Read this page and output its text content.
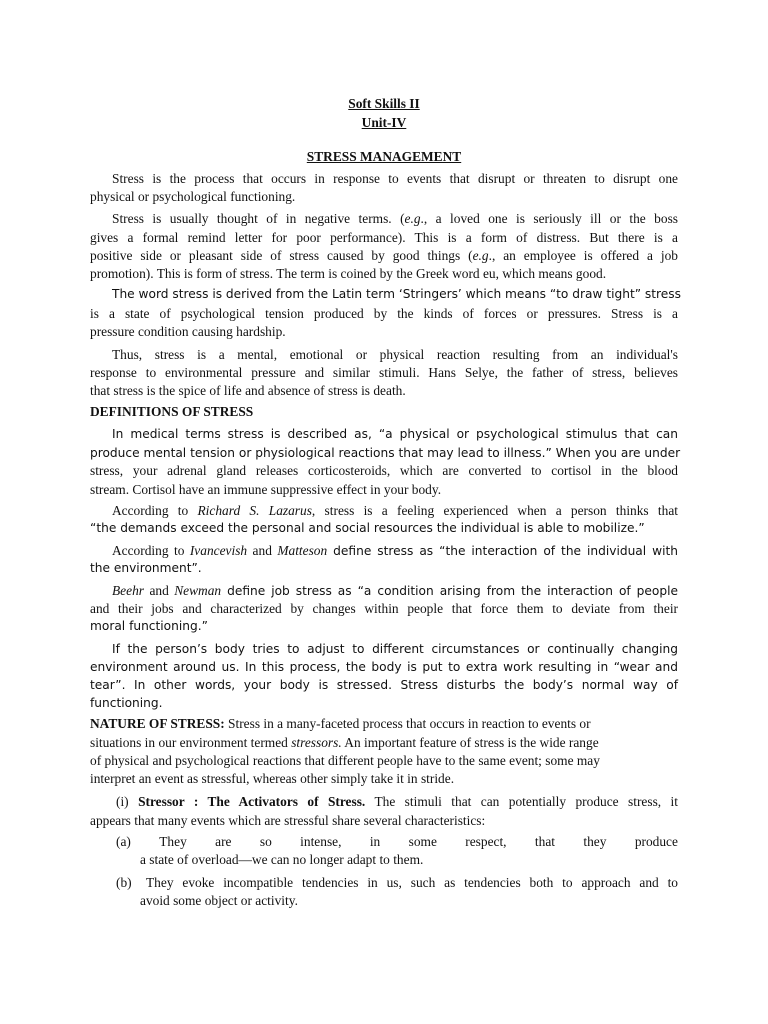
Soft Skills II
Unit-IV
STRESS MANAGEMENT
Stress is the process that occurs in response to events that disrupt or threaten to disrupt one
physical or psychological functioning.
Stress is usually thought of in negative terms. (e.g., a loved one is seriously ill or the boss
gives a formal remind letter for poor performance). This is a form of distress. But there is a
positive side or pleasant side of stress caused by good things (e.g., an employee is offered a job
promotion). This is form of stress. The term is coined by the Greek word eu, which means good.
The word stress is derived from the Latin term ‘Stringers’ which means “to draw tight” stress
is a state of psychological tension produced by the kinds of forces or pressures. Stress is a
pressure condition causing hardship.
Thus, stress is a mental, emotional or physical reaction resulting from an individual's
response to environmental pressure and similar stimuli. Hans Selye, the father of stress, believes
that stress is the spice of life and absence of stress is death.
DEFINITIONS OF STRESS
In medical terms stress is described as, “a physical or psychological stimulus that can
produce mental tension or physiological reactions that may lead to illness.” When you are under
stress, your adrenal gland releases corticosteroids, which are converted to cortisol in the blood
stream. Cortisol have an immune suppressive effect in your body.
According to Richard S. Lazarus, stress is a feeling experienced when a person thinks that
“the demands exceed the personal and social resources the individual is able to mobilize.”
According to Ivancevish and Matteson define stress as “the interaction of the individual with
the environment”.
Beehr and Newman define job stress as “a condition arising from the interaction of people
and their jobs and characterized by changes within people that force them to deviate from their
moral functioning.”
If the person’s body tries to adjust to different circumstances or continually changing
environment around us. In this process, the body is put to extra work resulting in “wear and
tear”. In other words, your body is stressed. Stress disturbs the body’s normal way of
functioning.
NATURE OF STRESS: Stress in a many-faceted process that occurs in reaction to events or
situations in our environment termed stressors. An important feature of stress is the wide range
of physical and psychological reactions that different people have to the same event; some may
interpret an event as stressful, whereas other simply take it in stride.
(i) Stressor : The Activators of Stress. The stimuli that can potentially produce stress, it
appears that many events which are stressful share several characteristics:
(a) They are so intense, in some respect, that they produce
a state of overload—we can no longer adapt to them.
(b) They evoke incompatible tendencies in us, such as tendencies both to approach and to
avoid some object or activity.
